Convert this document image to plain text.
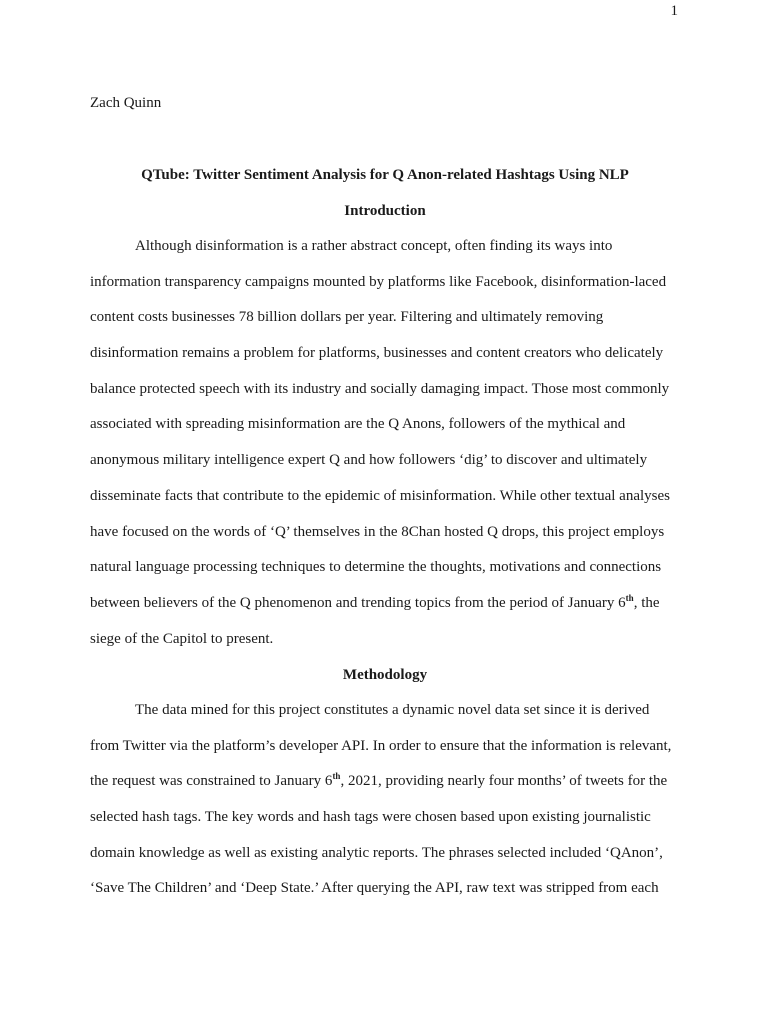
1
Zach Quinn
QTube: Twitter Sentiment Analysis for Q Anon-related Hashtags Using NLP
Introduction
Although disinformation is a rather abstract concept, often finding its ways into
information transparency campaigns mounted by platforms like Facebook, disinformation-laced
content costs businesses 78 billion dollars per year. Filtering and ultimately removing
disinformation remains a problem for platforms, businesses and content creators who delicately
balance protected speech with its industry and socially damaging impact. Those most commonly
associated with spreading misinformation are the Q Anons, followers of the mythical and
anonymous military intelligence expert Q and how followers ‘dig’ to discover and ultimately
disseminate facts that contribute to the epidemic of misinformation. While other textual analyses
have focused on the words of ‘Q’ themselves in the 8Chan hosted Q drops, this project employs
natural language processing techniques to determine the thoughts, motivations and connections
between believers of the Q phenomenon and trending topics from the period of January 6th, the
siege of the Capitol to present.
Methodology
The data mined for this project constitutes a dynamic novel data set since it is derived
from Twitter via the platform’s developer API. In order to ensure that the information is relevant,
the request was constrained to January 6th, 2021, providing nearly four months’ of tweets for the
selected hash tags. The key words and hash tags were chosen based upon existing journalistic
domain knowledge as well as existing analytic reports. The phrases selected included ‘QAnon’,
‘Save The Children’ and ‘Deep State.’ After querying the API, raw text was stripped from each
